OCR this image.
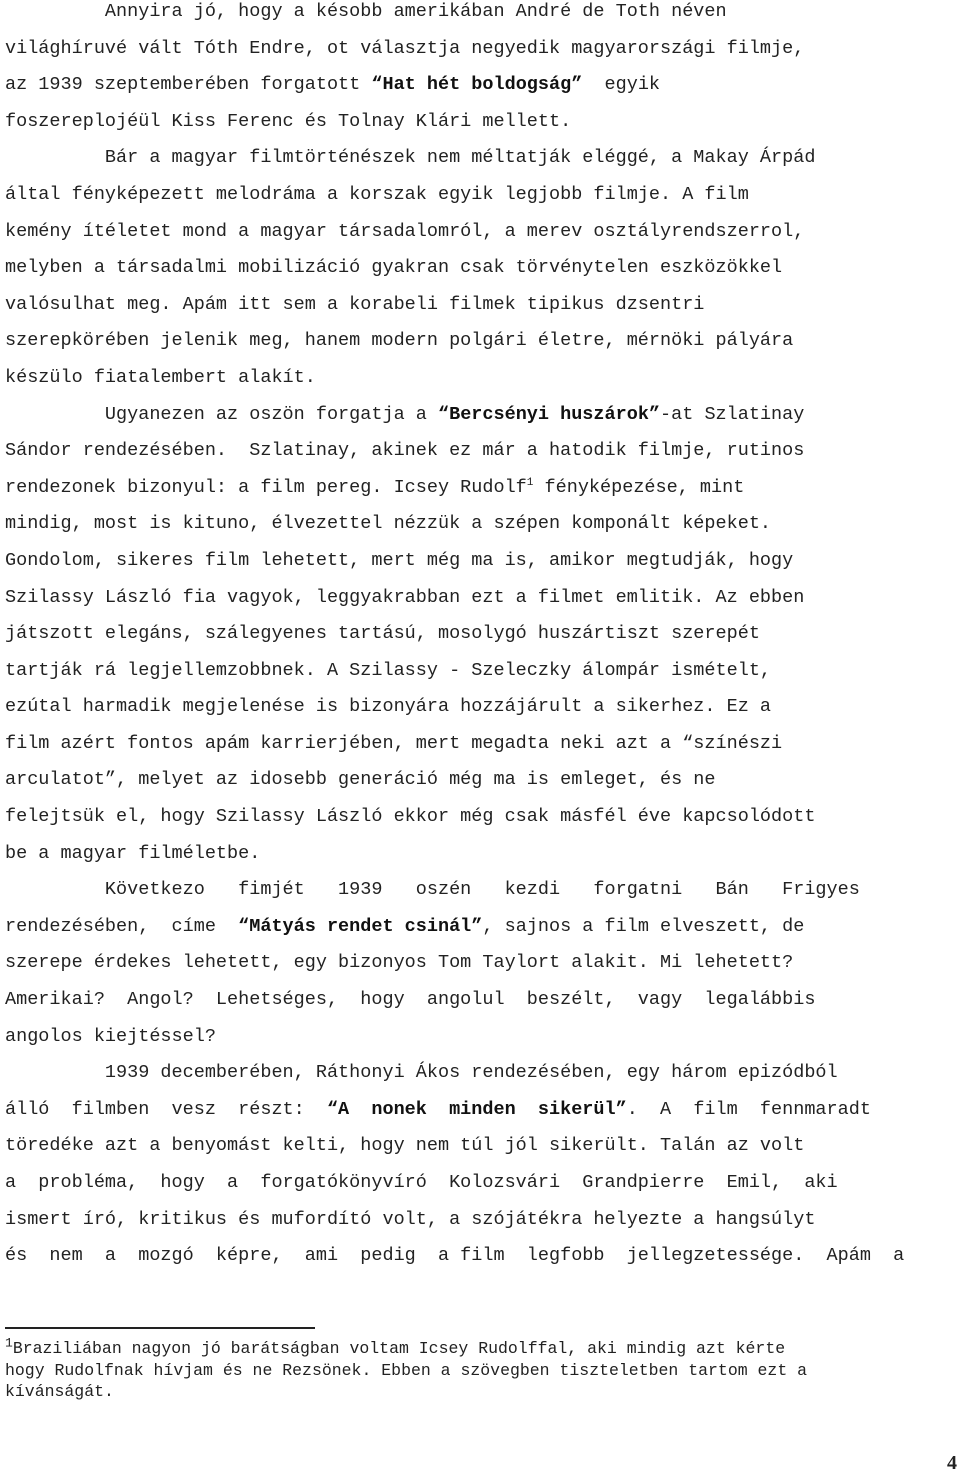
Annyira jó, hogy a késobb amerikában André de Toth néven
világhíruvé vált Tóth Endre, ot választja negyedik magyarországi filmje,
az 1939 szeptemberében forgatott “Hat hét boldogság”  egyik
foszereplojéül Kiss Ferenc és Tolnay Klári mellett.
Bár a magyar filmtörténészek nem méltatják eléggé, a Makay Árpád
által fényképezett melodráma a korszak egyik legjobb filmje. A film
kemény ítéletet mond a magyar társadalomról, a merev osztályrendszerrol,
melyben a társadalmi mobilizáció gyakran csak törvénytelen eszközökkel
valósulhat meg. Apám itt sem a korabeli filmek tipikus dzsentri
szerepkörében jelenik meg, hanem modern polgári életre, mérnöki pályára
készülo fiatalembert alakít.
Ugyanezen az oszön forgatja a “Bercsényi huszárok”-at Szlatinay
Sándor rendezésében.  Szlatinay, akinek ez már a hatodik filmje, rutinos
rendezonek bizonyul: a film pereg. Icsey Rudolf$^1$ fényképezése, mint
mindig, most is kituno, élvezettel nézzük a szépen komponált képeket.
Gondolom, sikeres film lehetett, mert még ma is, amikor megtudják, hogy
Szilassy László fia vagyok, leggyakrabban ezt a filmet emlitik. Az ebben
játszott elegáns, szálegyenes tartású, mosolygó huszártiszt szerepét
tartják rá legjellemzobbnek. A Szilassy - Szeleczky álompár ismételt,
ezútal harmadik megjelenése is bizonyára hozzájárult a sikerhez. Ez a
film azért fontos apám karrierjében, mert megadta neki azt a “színészi
arculatot”, melyet az idosebb generáció még ma is emleget, és ne
felejtsük el, hogy Szilassy László ekkor még csak másfél éve kapcsolódott
be a magyar filméletbe.
Következo   fimjét   1939   oszén   kezdi   forgatni   Bán   Frigyes
rendezésében,  címe  “Mátyás rendet csinál”, sajnos a film elveszett, de
szerepe érdekes lehetett, egy bizonyos Tom Taylort alakit. Mi lehetett?
Amerikai?  Angol?  Lehetséges,  hogy  angolul  beszélt,  vagy  legalábbis
angolos kiejtéssel?
1939 decemberében, Ráthonyi Ákos rendezésében, egy három epizódból
álló  filmben  vesz  részt:  “A  nonek  minden  sikerül”.  A  film  fennmaradt
töredéke azt a benyomást kelti, hogy nem túl jól sikerült. Talán az volt
a  probléma,  hogy  a  forgatókönyvíró  Kolozsvári  Grandpierre  Emil,  aki
ismert író, kritikus és mufordító volt, a szójátékra helyezte a hangsúlyt
és  nem  a  mozgó  képre,  ami  pedig  a film  legfobb  jellegzetessége.  Apám  a
$^1$Braziliában nagyon jó barátságban voltam Icsey Rudolffal, aki mindig azt kérte
hogy Rudolfnak hívjam és ne Rezsönek. Ebben a szövegben tiszteletben tartom ezt a
kívánságát.
4
